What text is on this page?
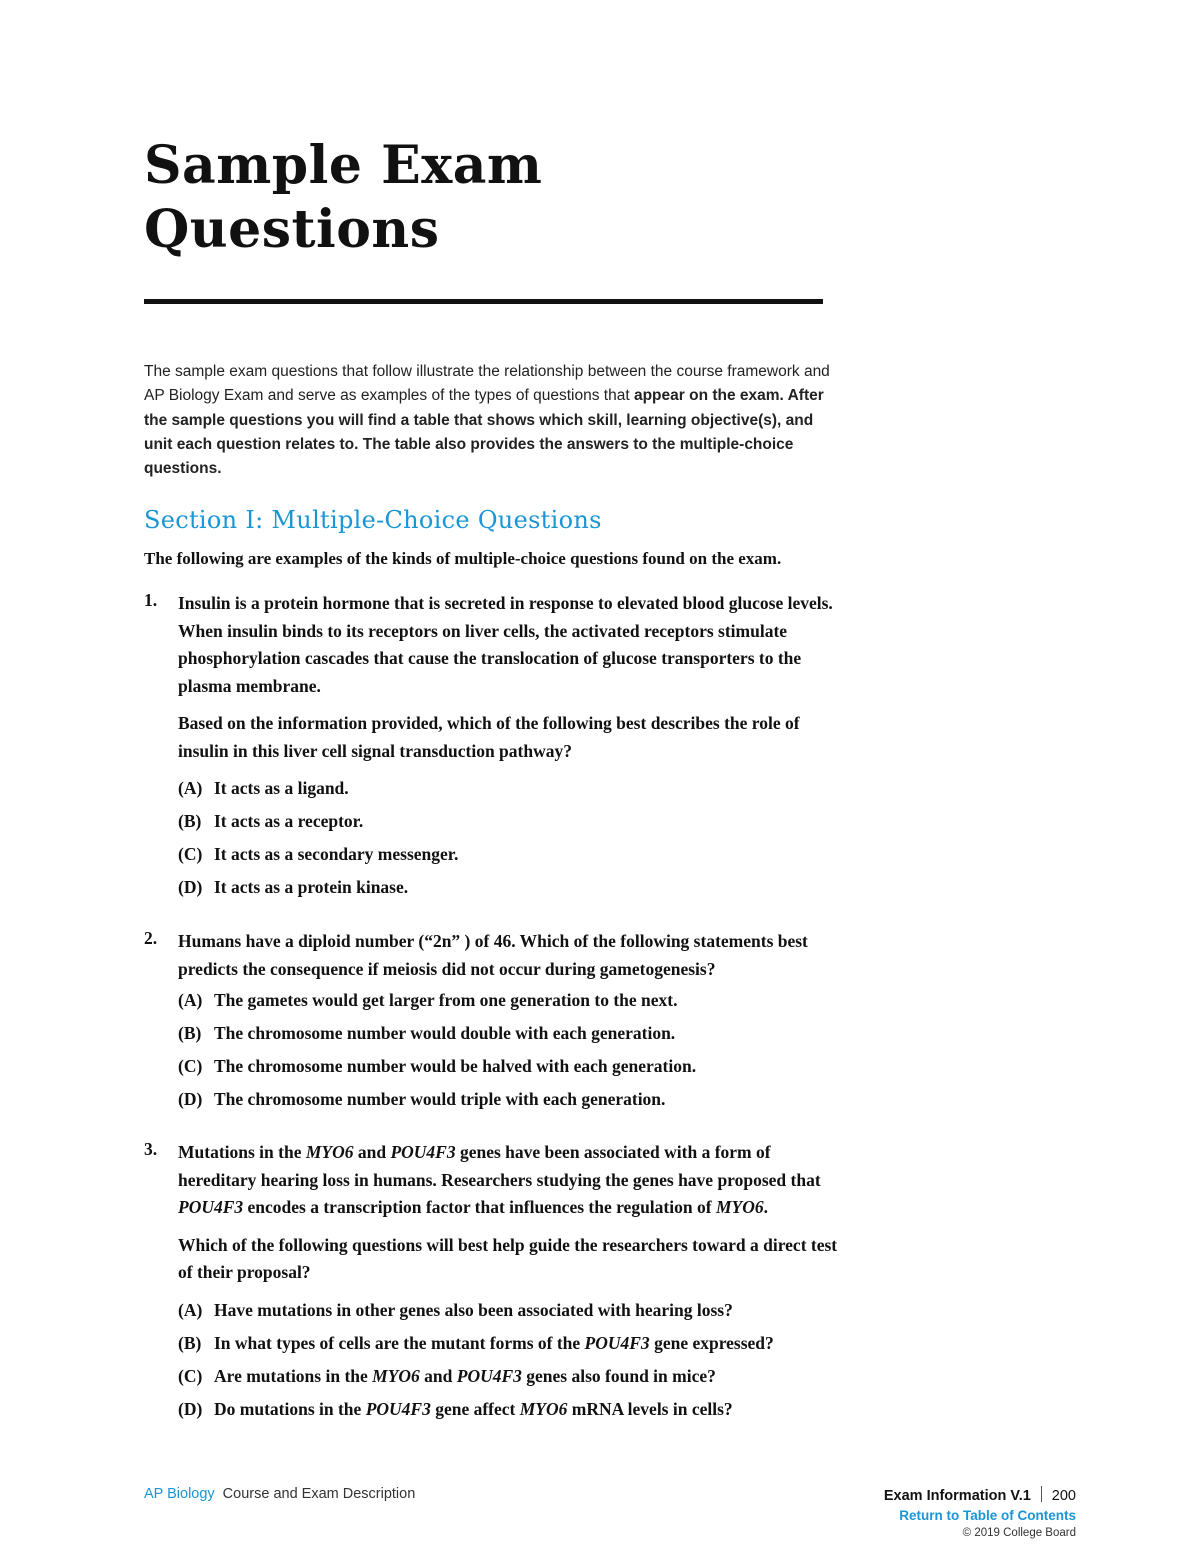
Sample Exam
Questions

The sample exam questions that follow illustrate the relationship between the course framework and AP Biology Exam and serve as examples of the types of questions that appear on the exam. After the sample questions you will find a table that shows which skill, learning objective(s), and unit each question relates to. The table also provides the answers to the multiple-choice questions.

Section I: Multiple-Choice Questions

The following are examples of the kinds of multiple-choice questions found on the exam.

1. Insulin is a protein hormone that is secreted in response to elevated blood glucose levels. When insulin binds to its receptors on liver cells, the activated receptors stimulate phosphorylation cascades that cause the translocation of glucose transporters to the plasma membrane.

Based on the information provided, which of the following best describes the role of insulin in this liver cell signal transduction pathway?

(A) It acts as a ligand.
(B) It acts as a receptor.
(C) It acts as a secondary messenger.
(D) It acts as a protein kinase.
2. Humans have a diploid number (“2n” ) of 46. Which of the following statements best predicts the consequence if meiosis did not occur during gametogenesis?

(A) The gametes would get larger from one generation to the next.
(B) The chromosome number would double with each generation.
(C) The chromosome number would be halved with each generation.
(D) The chromosome number would triple with each generation.
3. Mutations in the MYO6 and POU4F3 genes have been associated with a form of hereditary hearing loss in humans. Researchers studying the genes have proposed that POU4F3 encodes a transcription factor that influences the regulation of MYO6.

Which of the following questions will best help guide the researchers toward a direct test of their proposal?

(A) Have mutations in other genes also been associated with hearing loss?
(B) In what types of cells are the mutant forms of the POU4F3 gene expressed?
(C) Are mutations in the MYO6 and POU4F3 genes also found in mice?
(D) Do mutations in the POU4F3 gene affect MYO6 mRNA levels in cells?
AP Biology Course and Exam Description	Exam Information V.1 200
Return to Table of Contents
© 2019 College Board
